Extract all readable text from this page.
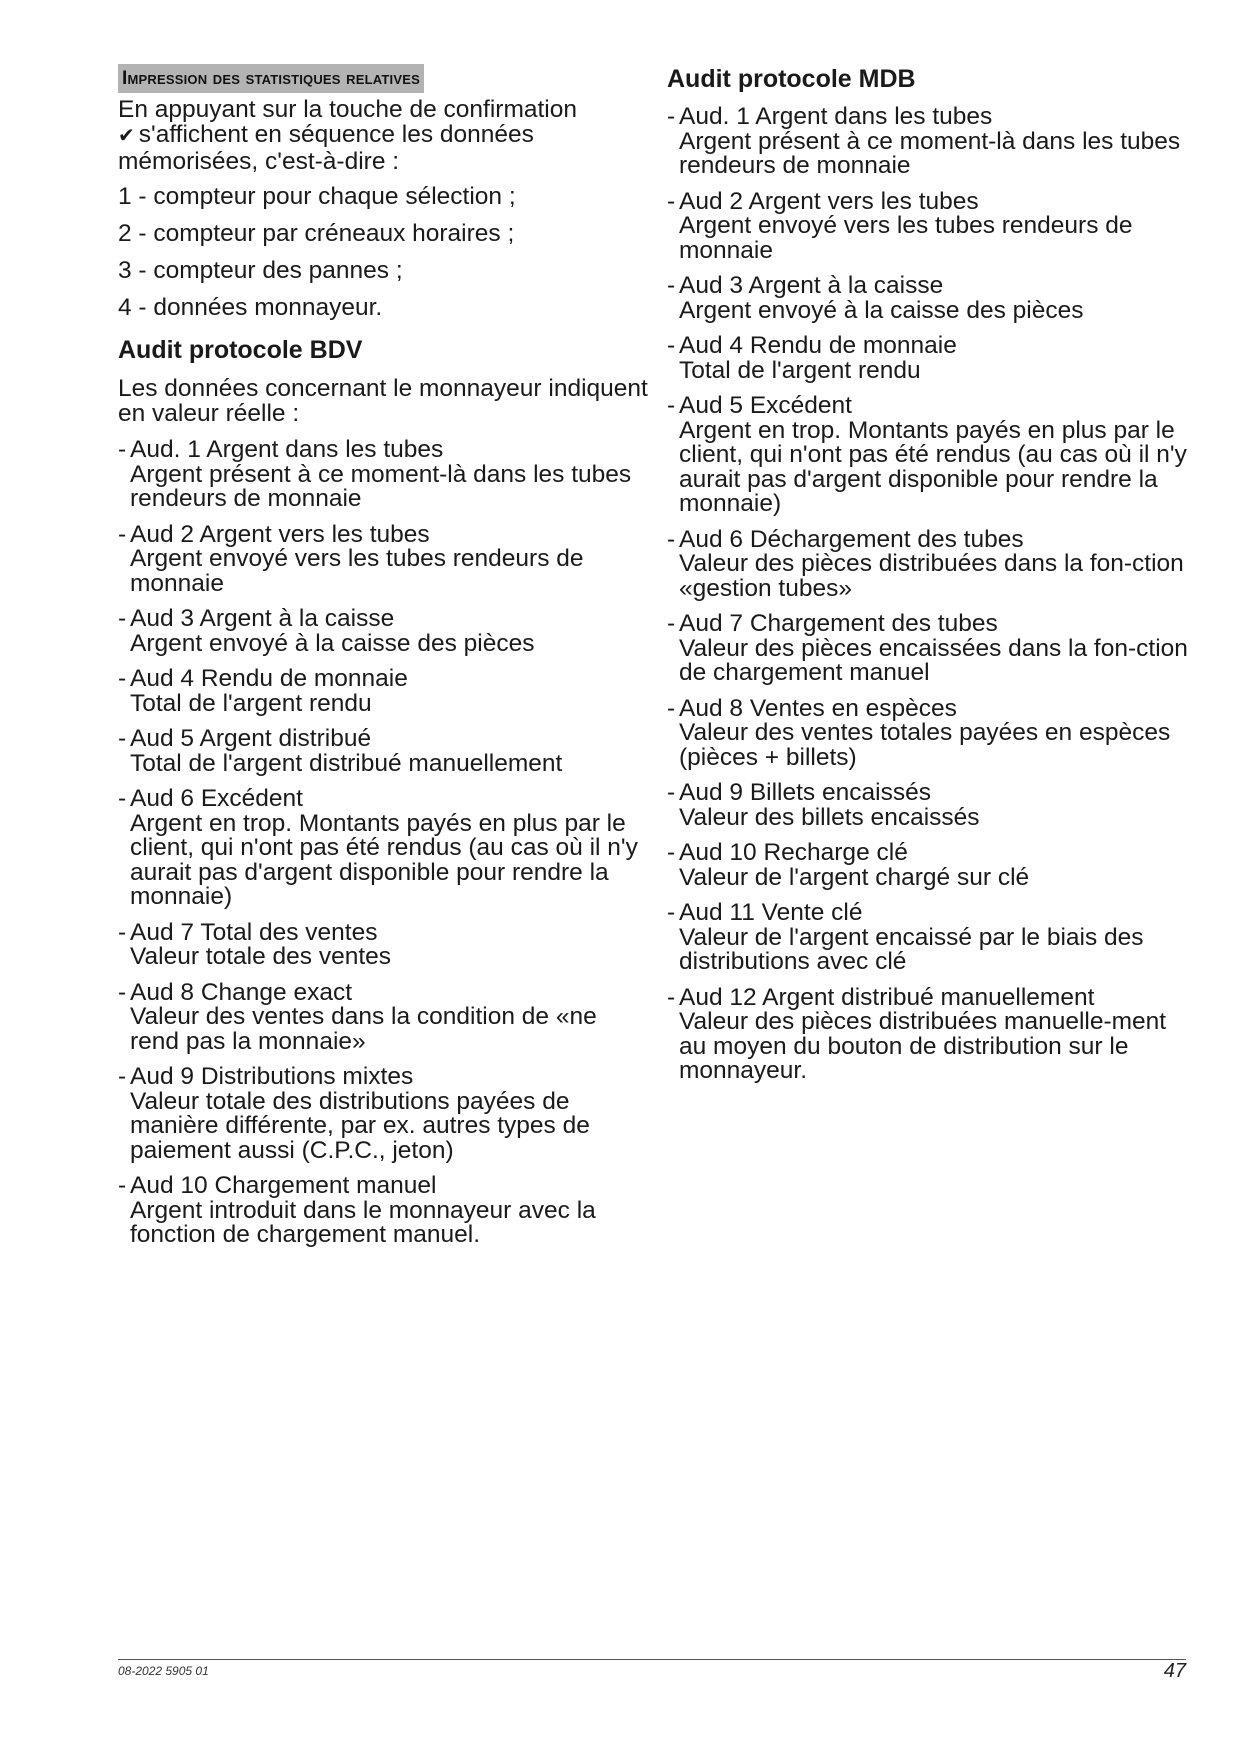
Impression des statistiques relatives

En appuyant sur la touche de confirmation
✔ s'affichent en séquence les données mémorisées, c'est-à-dire :

1 - compteur pour chaque sélection ;

2 - compteur par créneaux horaires ;

3 - compteur des pannes ;

4 - données monnayeur.

Audit protocole BDV

Les données concernant le monnayeur indiquent en valeur réelle :

- Aud. 1 Argent dans les tubes
Argent présent à ce moment-là dans les tubes rendeurs de monnaie
- Aud 2 Argent vers les tubes
Argent envoyé vers les tubes rendeurs de monnaie
- Aud 3 Argent à la caisse
Argent envoyé à la caisse des pièces
- Aud 4 Rendu de monnaie
Total de l'argent rendu
- Aud 5 Argent distribué
Total de l'argent distribué manuellement
- Aud 6 Excédent
Argent en trop. Montants payés en plus par le client, qui n'ont pas été rendus (au cas où il n'y aurait pas d'argent disponible pour rendre la monnaie)
- Aud 7 Total des ventes
Valeur totale des ventes
- Aud 8 Change exact
Valeur des ventes dans la condition de «ne rend pas la monnaie»
- Aud 9 Distributions mixtes
Valeur totale des distributions payées de manière différente, par ex. autres types de paiement aussi (C.P.C., jeton)
- Aud 10 Chargement manuel
Argent introduit dans le monnayeur avec la fonction de chargement manuel.
Audit protocole MDB
- Aud. 1 Argent dans les tubes
Argent présent à ce moment-là dans les tubes rendeurs de monnaie
- Aud 2 Argent vers les tubes
Argent envoyé vers les tubes rendeurs de monnaie
- Aud 3 Argent à la caisse
Argent envoyé à la caisse des pièces
- Aud 4 Rendu de monnaie
Total de l'argent rendu
- Aud 5 Excédent
Argent en trop. Montants payés en plus par le client, qui n'ont pas été rendus (au cas où il n'y aurait pas d'argent disponible pour rendre la monnaie)
- Aud 6 Déchargement des tubes
Valeur des pièces distribuées dans la fon-ction «gestion tubes»
- Aud 7 Chargement des tubes
Valeur des pièces encaissées dans la fon-ction de chargement manuel
- Aud 8 Ventes en espèces
Valeur des ventes totales payées en espèces (pièces + billets)
- Aud 9 Billets encaissés
Valeur des billets encaissés
- Aud 10 Recharge clé
Valeur de l'argent chargé sur clé
- Aud 11 Vente clé
Valeur de l'argent encaissé par le biais des distributions avec clé
- Aud 12 Argent distribué manuellement
Valeur des pièces distribuées manuelle-ment au moyen du bouton de distribution sur le monnayeur.
08-2022 5905 01	47
